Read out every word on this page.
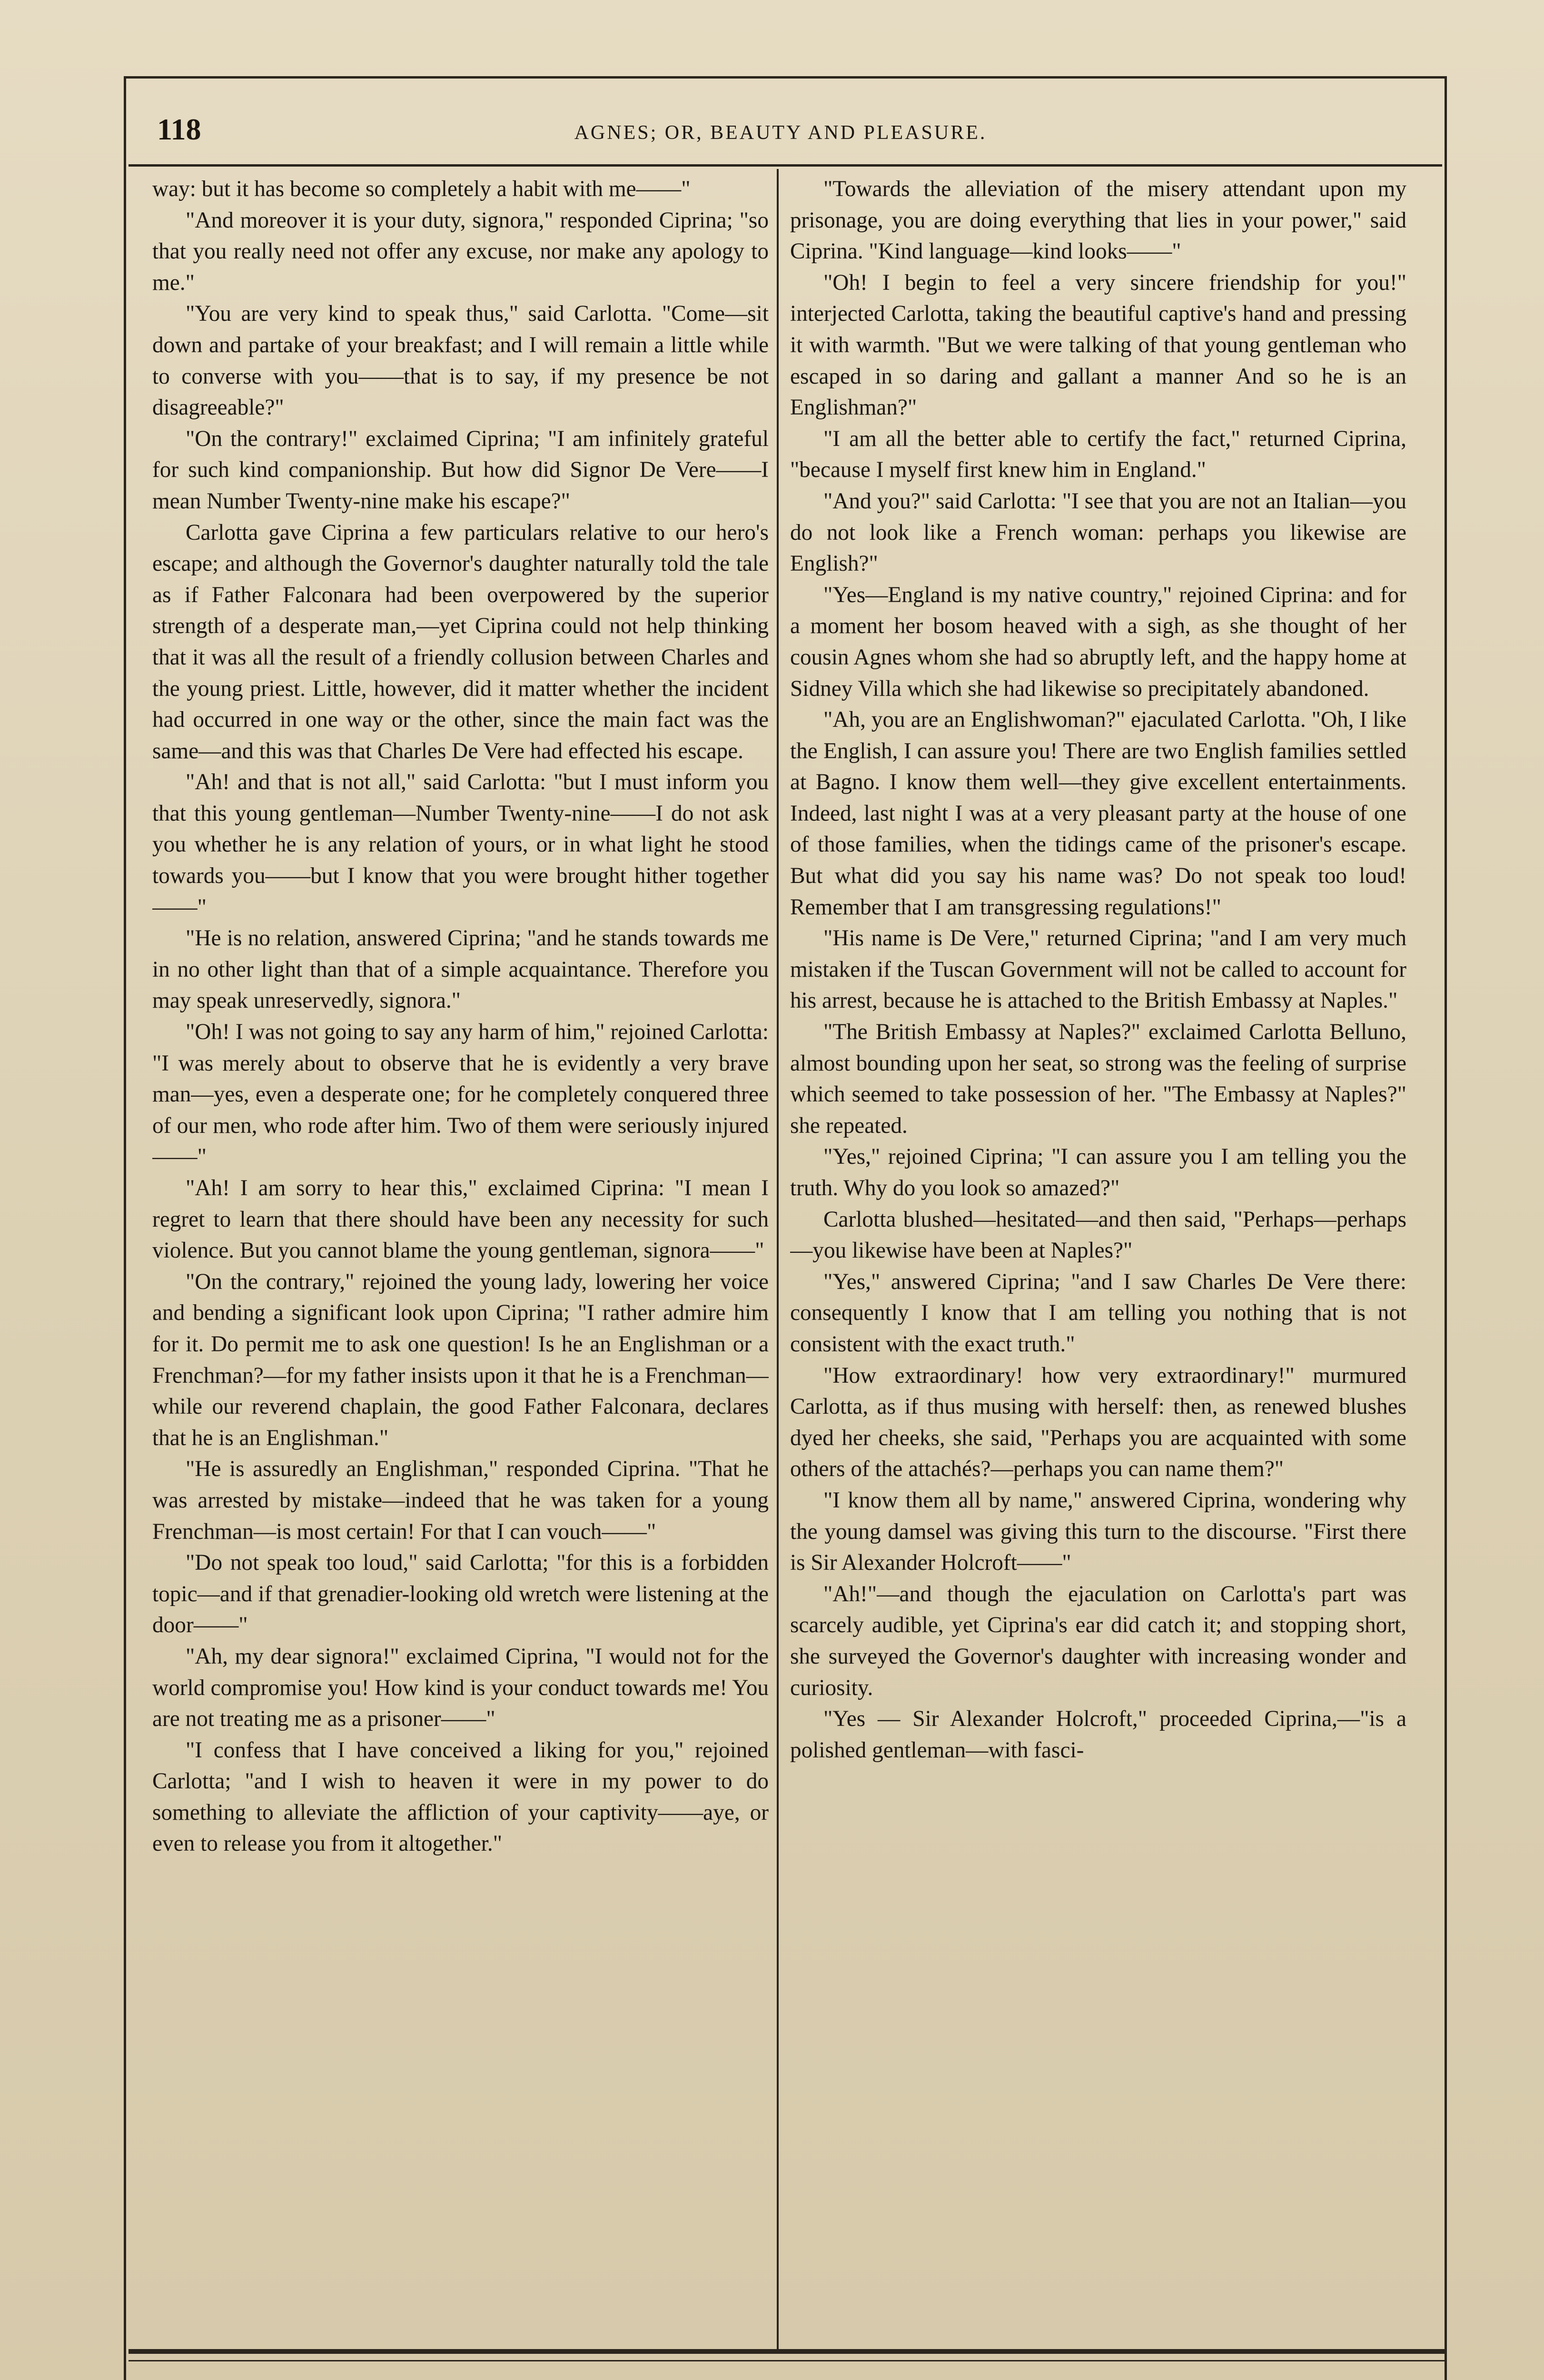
118	AGNES; OR, BEAUTY AND PLEASURE.

way: but it has become so completely a habit with me——"

"And moreover it is your duty, signora," responded Ciprina; "so that you really need not offer any excuse, nor make any apology to me."

"You are very kind to speak thus," said Carlotta. "Come—sit down and partake of your breakfast; and I will remain a little while to converse with you——that is to say, if my presence be not disagreeable?"

"On the contrary!" exclaimed Ciprina; "I am infinitely grateful for such kind companionship. But how did Signor De Vere——I mean Number Twenty-nine make his escape?"

Carlotta gave Ciprina a few particulars relative to our hero's escape; and although the Governor's daughter naturally told the tale as if Father Falconara had been overpowered by the superior strength of a desperate man,—yet Ciprina could not help thinking that it was all the result of a friendly collusion between Charles and the young priest. Little, however, did it matter whether the incident had occurred in one way or the other, since the main fact was the same—and this was that Charles De Vere had effected his escape.

"Ah! and that is not all," said Carlotta: "but I must inform you that this young gentleman—Number Twenty-nine——I do not ask you whether he is any relation of yours, or in what light he stood towards you——but I know that you were brought hither together——"

"He is no relation, answered Ciprina; "and he stands towards me in no other light than that of a simple acquaintance. Therefore you may speak unreservedly, signora."

"Oh! I was not going to say any harm of him," rejoined Carlotta: "I was merely about to observe that he is evidently a very brave man—yes, even a desperate one; for he completely conquered three of our men, who rode after him. Two of them were seriously injured——"

"Ah! I am sorry to hear this," exclaimed Ciprina: "I mean I regret to learn that there should have been any necessity for such violence. But you cannot blame the young gentleman, signora——"

"On the contrary," rejoined the young lady, lowering her voice and bending a significant look upon Ciprina; "I rather admire him for it. Do permit me to ask one question! Is he an Englishman or a Frenchman?—for my father insists upon it that he is a Frenchman—while our reverend chaplain, the good Father Falconara, declares that he is an Englishman."

"He is assuredly an Englishman," responded Ciprina. "That he was arrested by mistake—indeed that he was taken for a young Frenchman—is most certain! For that I can vouch——"

"Do not speak too loud," said Carlotta; "for this is a forbidden topic—and if that grenadier-looking old wretch were listening at the door——"

"Ah, my dear signora!" exclaimed Ciprina, "I would not for the world compromise you! How kind is your conduct towards me! You are not treating me as a prisoner——"

"I confess that I have conceived a liking for you," rejoined Carlotta; "and I wish to heaven it were in my power to do something to alleviate the affliction of your captivity——aye, or even to release you from it altogether."

"Towards the alleviation of the misery attendant upon my prisonage, you are doing everything that lies in your power," said Ciprina. "Kind language—kind looks——"

"Oh! I begin to feel a very sincere friendship for you!" interjected Carlotta, taking the beautiful captive's hand and pressing it with warmth. "But we were talking of that young gentleman who escaped in so daring and gallant a manner And so he is an Englishman?"

"I am all the better able to certify the fact," returned Ciprina, "because I myself first knew him in England."

"And you?" said Carlotta: "I see that you are not an Italian—you do not look like a French woman: perhaps you likewise are English?"

"Yes—England is my native country," rejoined Ciprina: and for a moment her bosom heaved with a sigh, as she thought of her cousin Agnes whom she had so abruptly left, and the happy home at Sidney Villa which she had likewise so precipitately abandoned.

"Ah, you are an Englishwoman?" ejaculated Carlotta. "Oh, I like the English, I can assure you! There are two English families settled at Bagno. I know them well—they give excellent entertainments. Indeed, last night I was at a very pleasant party at the house of one of those families, when the tidings came of the prisoner's escape. But what did you say his name was? Do not speak too loud! Remember that I am transgressing regulations!"

"His name is De Vere," returned Ciprina; "and I am very much mistaken if the Tuscan Government will not be called to account for his arrest, because he is attached to the British Embassy at Naples."

"The British Embassy at Naples?" exclaimed Carlotta Belluno, almost bounding upon her seat, so strong was the feeling of surprise which seemed to take possession of her. "The Embassy at Naples?" she repeated.

"Yes," rejoined Ciprina; "I can assure you I am telling you the truth. Why do you look so amazed?"

Carlotta blushed—hesitated—and then said, "Perhaps—perhaps—you likewise have been at Naples?"

"Yes," answered Ciprina; "and I saw Charles De Vere there: consequently I know that I am telling you nothing that is not consistent with the exact truth."

"How extraordinary! how very extraordinary!" murmured Carlotta, as if thus musing with herself: then, as renewed blushes dyed her cheeks, she said, "Perhaps you are acquainted with some others of the attachés?—perhaps you can name them?"

"I know them all by name," answered Ciprina, wondering why the young damsel was giving this turn to the discourse. "First there is Sir Alexander Holcroft——"

"Ah!"—and though the ejaculation on Carlotta's part was scarcely audible, yet Ciprina's ear did catch it; and stopping short, she surveyed the Governor's daughter with increasing wonder and curiosity.

"Yes — Sir Alexander Holcroft," proceeded Ciprina,—"is a polished gentleman—with fasci-
